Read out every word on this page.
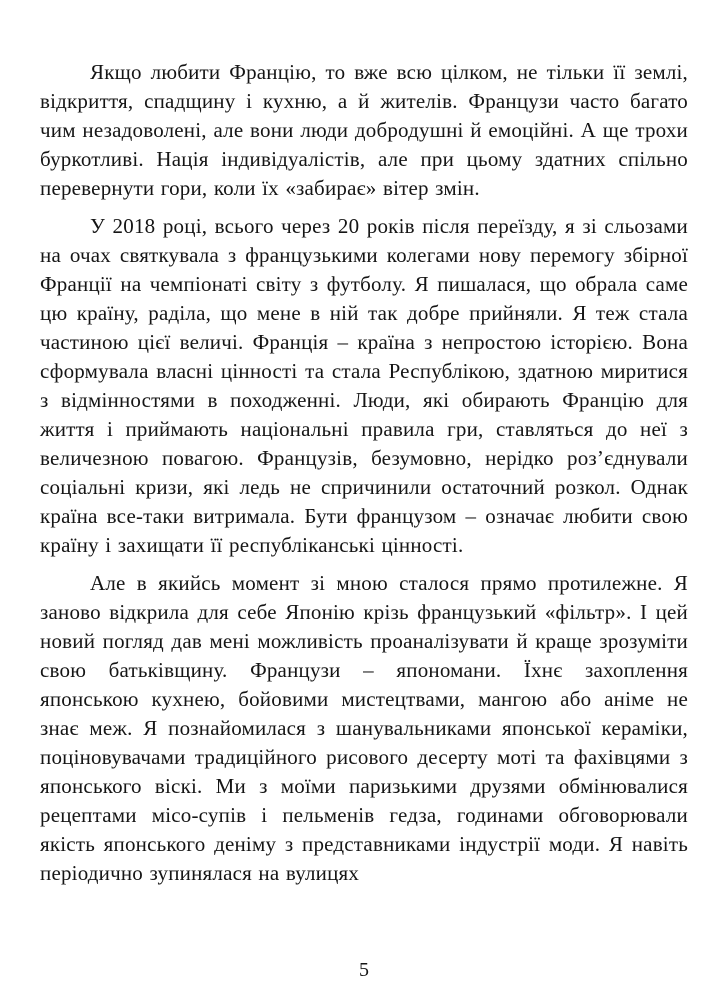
Якщо любити Францію, то вже всю цілком, не тільки її землі, відкриття, спадщину і кухню, а й жителів. Французи часто багато чим незадоволені, але вони люди добродушні й емоційні. А ще трохи буркотливі. Нація індивідуалістів, але при цьому здатних спільно перевернути гори, коли їх «забирає» вітер змін.

У 2018 році, всього через 20 років після переїзду, я зі сльозами на очах святкувала з французькими колегами нову перемогу збірної Франції на чемпіонаті світу з футболу. Я пишалася, що обрала саме цю країну, раділа, що мене в ній так добре прийняли. Я теж стала частиною цієї величі. Франція – країна з непростою історією. Вона сформувала власні цінності та стала Республікою, здатною миритися з відмінностями в походженні. Люди, які обирають Францію для життя і приймають національні правила гри, ставляться до неї з величезною повагою. Французів, безумовно, нерідко роз’єднували соціальні кризи, які ледь не спричинили остаточний розкол. Однак країна все-таки витримала. Бути французом – означає любити свою країну і захищати її республіканські цінності.

Але в якийсь момент зі мною сталося прямо протилежне. Я заново відкрила для себе Японію крізь французький «фільтр». І цей новий погляд дав мені можливість проаналізувати й краще зрозуміти свою батьківщину. Французи – япономани. Їхнє захоплення японською кухнею, бойовими мистецтвами, мангою або аніме не знає меж. Я познайомилася з шанувальниками японської кераміки, поціновувачами традиційного рисового десерту моті та фахівцями з японського віскі. Ми з моїми паризькими друзями обмінювалися рецептами місо-супів і пельменів гедза, годинами обговорювали якість японського деніму з представниками індустрії моди. Я навіть періодично зупинялася на вулицях

5
